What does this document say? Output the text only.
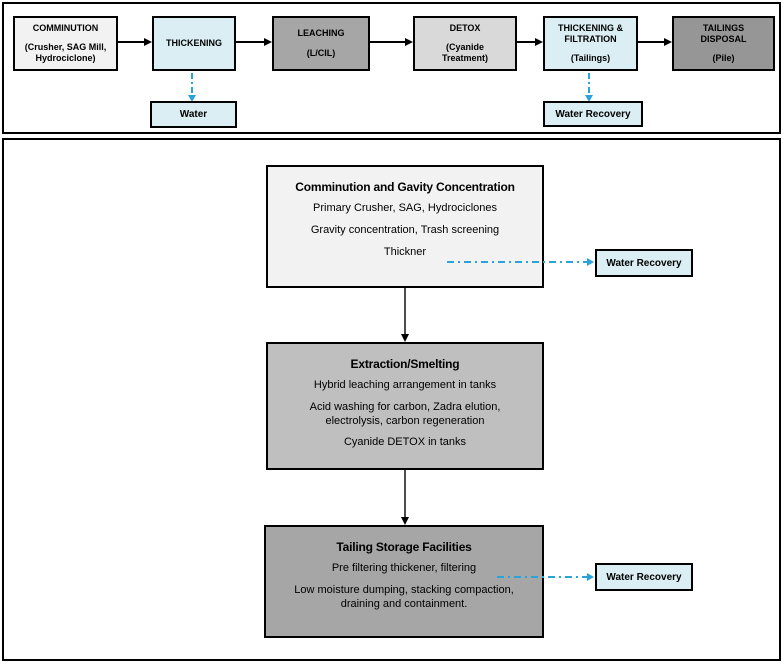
COMMINUTION
(Crusher, SAG Mill, Hydrociclone)
THICKENING
LEACHING
(L/CIL)
DETOX
(Cyanide Treatment)
THICKENING & FILTRATION
(Tailings)
TAILINGS DISPOSAL
(Pile)
Water	Water Recovery
Comminution and Gavity Concentration

Primary Crusher, SAG, Hydrociclones

Gravity concentration, Trash screening

Thickner

Extraction/Smelting

Hybrid leaching arrangement in tanks

Acid washing for carbon, Zadra elution, electrolysis, carbon regeneration

Cyanide DETOX in tanks

Tailing Storage Facilities

Pre filtering thickener, filtering

Low moisture dumping, stacking compaction, draining and containment.

Water Recovery
Water Recovery
